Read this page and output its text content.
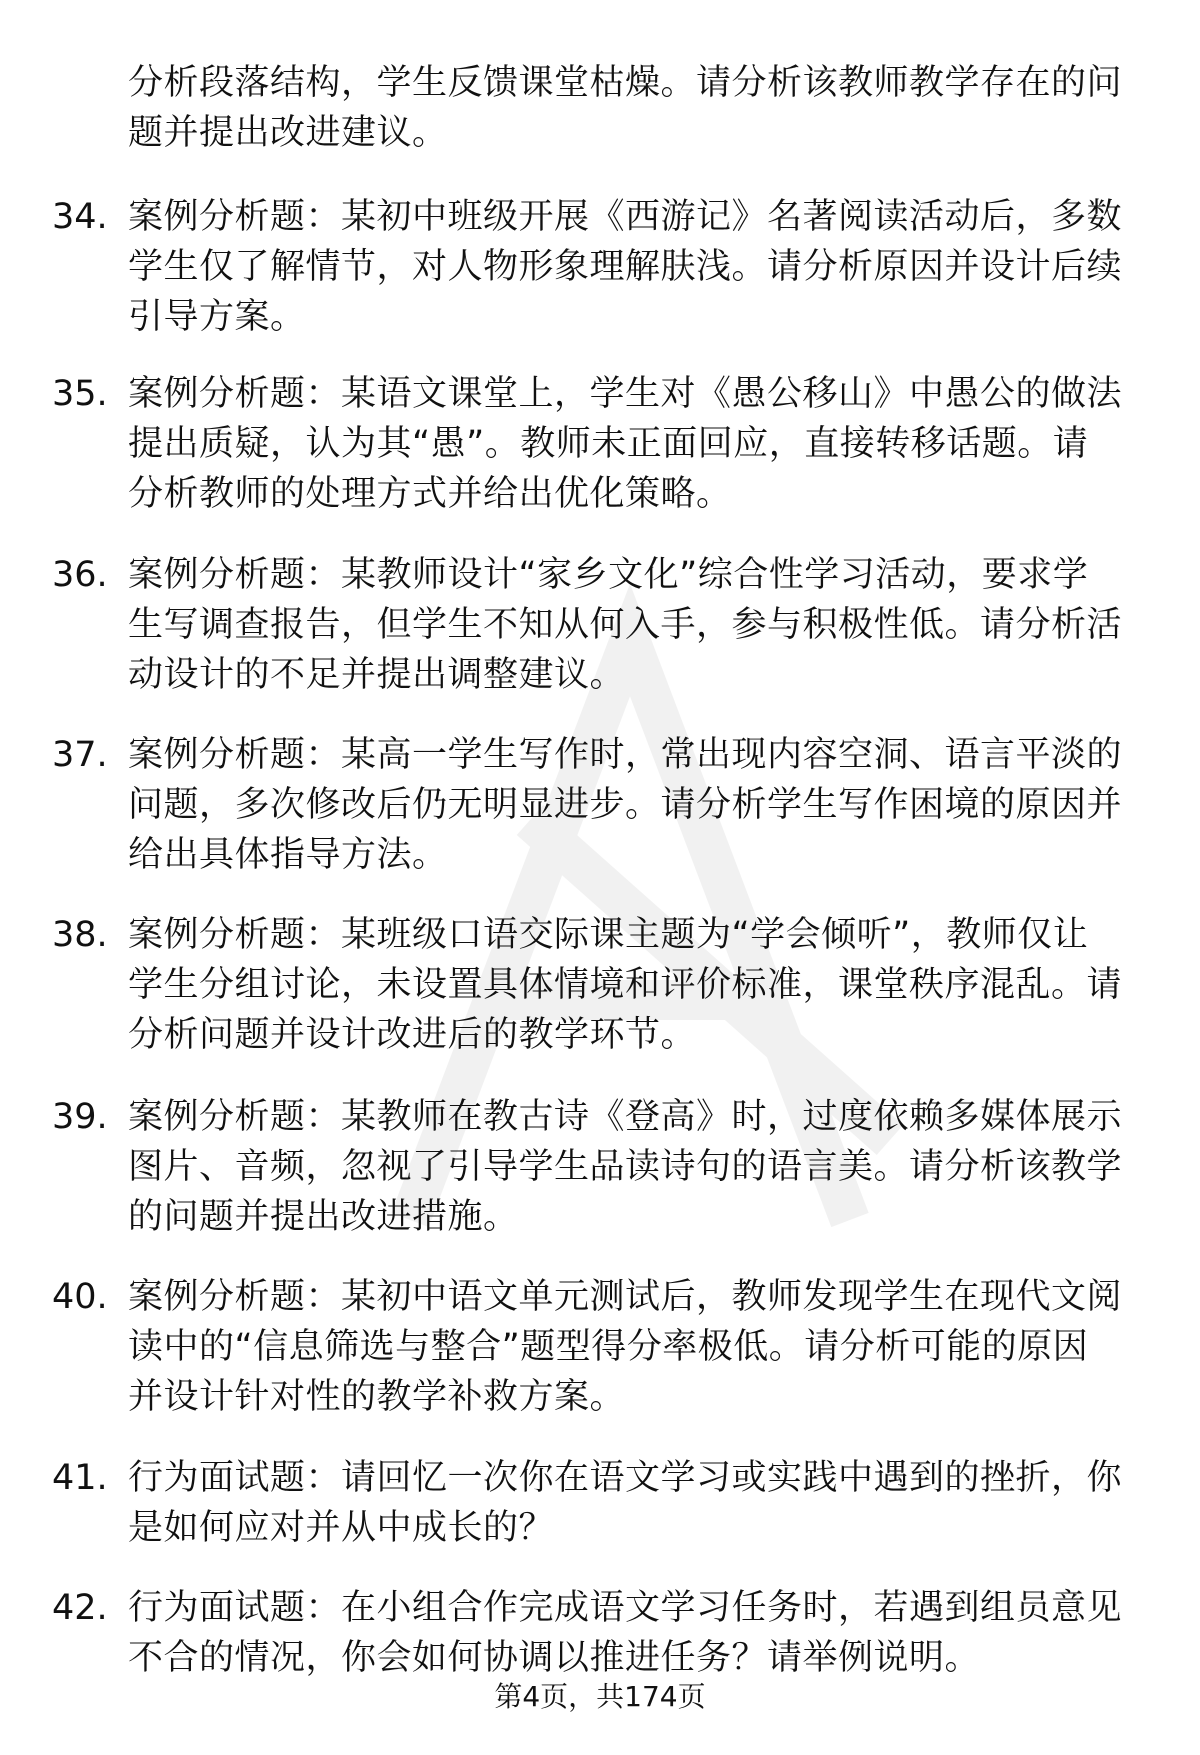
分析段落结构，学生反馈课堂枯燥。请分析该教师教学存在的问
题并提出改进建议。
34. 案例分析题：某初中班级开展《西游记》名著阅读活动后，多数
学生仅了解情节，对人物形象理解肤浅。请分析原因并设计后续
引导方案。
35. 案例分析题：某语文课堂上，学生对《愚公移山》中愚公的做法
提出质疑，认为其“愚”。教师未正面回应，直接转移话题。请
分析教师的处理方式并给出优化策略。
36. 案例分析题：某教师设计“家乡文化”综合性学习活动，要求学
生写调查报告，但学生不知从何入手，参与积极性低。请分析活
动设计的不足并提出调整建议。
37. 案例分析题：某高一学生写作时，常出现内容空洞、语言平淡的
问题，多次修改后仍无明显进步。请分析学生写作困境的原因并
给出具体指导方法。
38. 案例分析题：某班级口语交际课主题为“学会倾听”，教师仅让
学生分组讨论，未设置具体情境和评价标准，课堂秩序混乱。请
分析问题并设计改进后的教学环节。
39. 案例分析题：某教师在教古诗《登高》时，过度依赖多媒体展示
图片、音频，忽视了引导学生品读诗句的语言美。请分析该教学
的问题并提出改进措施。
40. 案例分析题：某初中语文单元测试后，教师发现学生在现代文阅
读中的“信息筛选与整合”题型得分率极低。请分析可能的原因
并设计针对性的教学补救方案。
41. 行为面试题：请回忆一次你在语文学习或实践中遇到的挫折，你
是如何应对并从中成长的？
42. 行为面试题：在小组合作完成语文学习任务时，若遇到组员意见
不合的情况，你会如何协调以推进任务？请举例说明。
第4页，共174页
